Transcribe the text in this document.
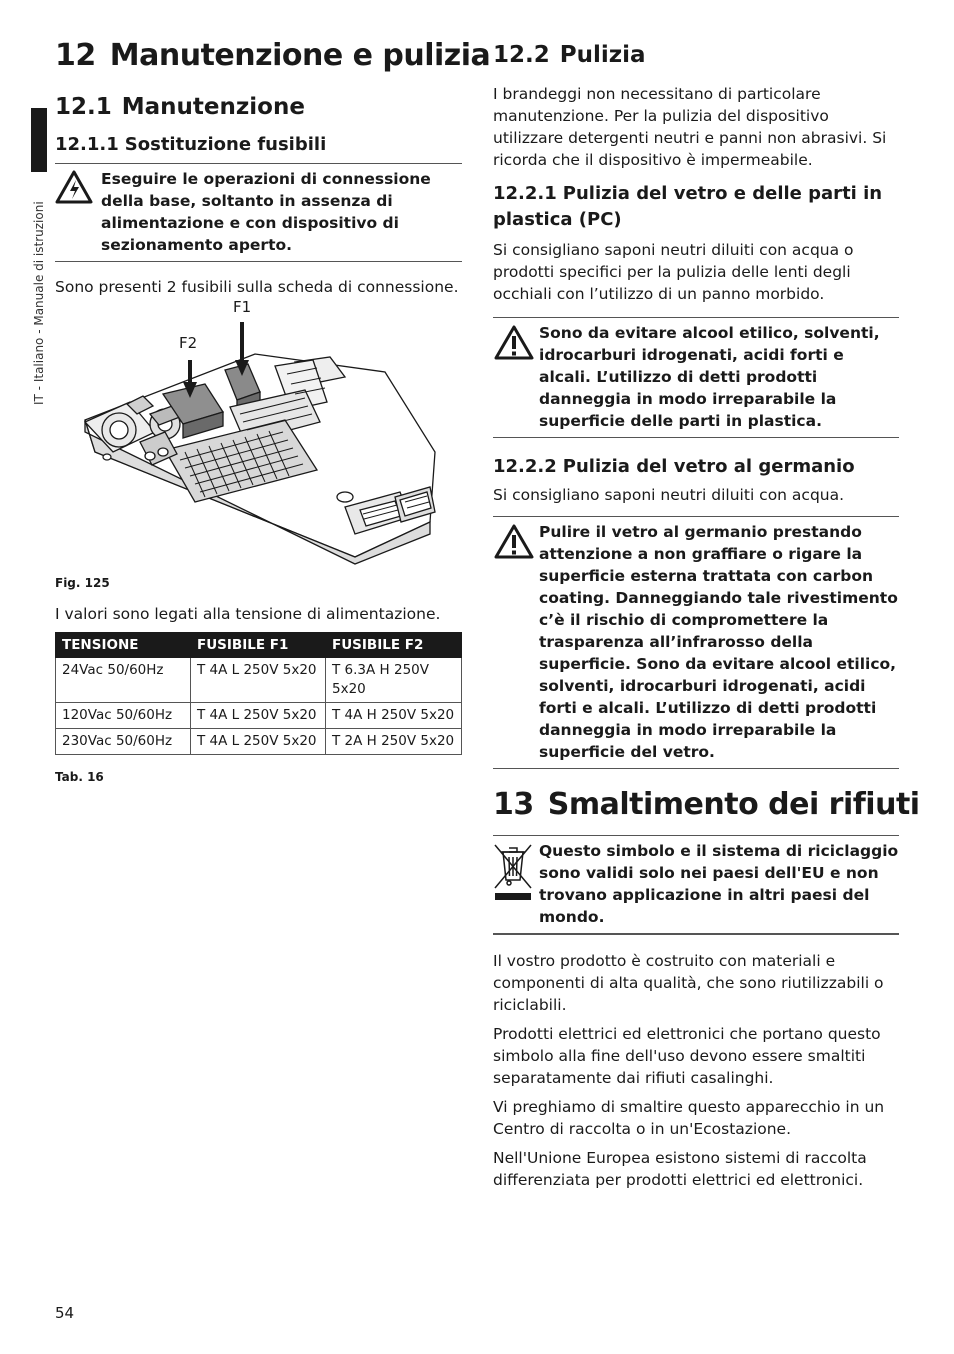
IT - Italiano - Manuale di istruzioni
12 Manutenzione e pulizia
12.1 Manutenzione
12.1.1 Sostituzione fusibili
Eseguire le operazioni di connessione della base, soltanto in assenza di alimentazione e con dispositivo di sezionamento aperto.

Sono presenti 2 fusibili sulla scheda di connessione.

F1
F2

Fig. 125

I valori sono legati alla tensione di alimentazione.

TENSIONE	FUSIBILE F1	FUSIBILE F2
24Vac 50/60Hz	T 4A L 250V 5x20	T 6.3A H 250V 5x20
120Vac 50/60Hz	T 4A L 250V 5x20	T 4A H 250V 5x20
230Vac 50/60Hz	T 4A L 250V 5x20	T 2A H 250V 5x20

Tab. 16

12.2 Pulizia

I brandeggi non necessitano di particolare manutenzione. Per la pulizia del dispositivo utilizzare detergenti neutri e panni non abrasivi. Si ricorda che il dispositivo è impermeabile.

12.2.1 Pulizia del vetro e delle parti in plastica (PC)

Si consigliano saponi neutri diluiti con acqua o prodotti specifici per la pulizia delle lenti degli occhiali con l’utilizzo di un panno morbido.

Sono da evitare alcool etilico, solventi, idrocarburi idrogenati, acidi forti e alcali. L’utilizzo di detti prodotti danneggia in modo irreparabile la superficie delle parti in plastica.
12.2.2 Pulizia del vetro al germanio

Si consigliano saponi neutri diluiti con acqua.

Pulire il vetro al germanio prestando attenzione a non graffiare o rigare la superficie esterna trattata con carbon coating. Danneggiando tale rivestimento c’è il rischio di compromettere la trasparenza all’infrarosso della superficie. Sono da evitare alcool etilico, solventi, idrocarburi idrogenati, acidi forti e alcali. L’utilizzo di detti prodotti danneggia in modo irreparabile la superficie del vetro.
13 Smaltimento dei rifiuti
Questo simbolo e il sistema di riciclaggio sono validi solo nei paesi dell'EU e non trovano applicazione in altri paesi del mondo.

Il vostro prodotto è costruito con materiali e componenti di alta qualità, che sono riutilizzabili o riciclabili.

Prodotti elettrici ed elettronici che portano questo simbolo alla fine dell'uso devono essere smaltiti separatamente dai rifiuti casalinghi.

Vi preghiamo di smaltire questo apparecchio in un Centro di raccolta o in un'Ecostazione.

Nell'Unione Europea esistono sistemi di raccolta differenziata per prodotti elettrici ed elettronici.

54
